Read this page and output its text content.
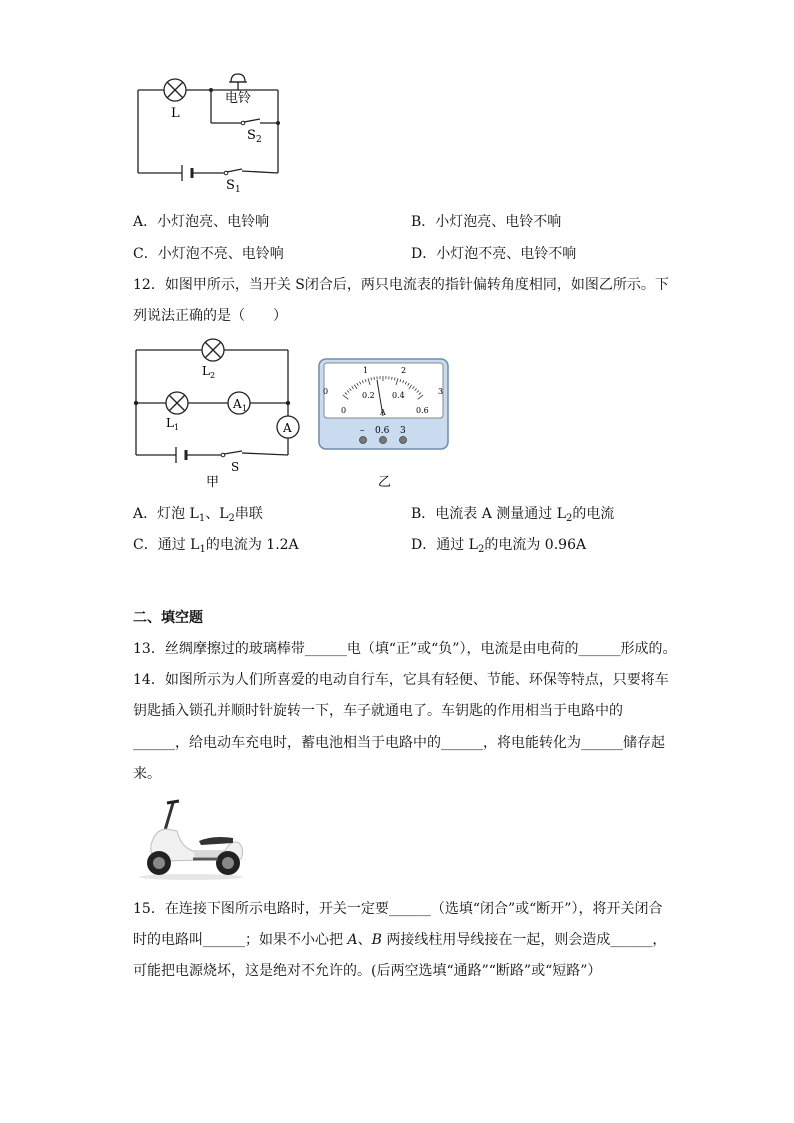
L
电铃
S 2
S 1
A．小灯泡亮、电铃响	B．小灯泡亮、电铃不响
C．小灯泡不亮、电铃响	D．小灯泡不亮、电铃不响
12．如图甲所示，当开关 S闭合后，两只电流表的指针偏转角度相同，如图乙所示。下
列说法正确的是（　　）
A 1
A
L 2
L 1
S
甲
0
1	2
3
0
0.2 0.4
0.6
A
– 0.6 3
乙
A．灯泡 $L_1$、$L_2$串联	B．电流表 A 测量通过 $L_2$的电流
C．通过 $L_1$的电流为 1.2A	D．通过 $L_2$的电流为 0.96A
二、填空题
13．丝绸摩擦过的玻璃棒带______电（填“正”或“负”），电流是由电荷的______形成的。
14．如图所示为人们所喜爱的电动自行车，它具有轻便、节能、环保等特点，只要将车
钥匙插入锁孔并顺时针旋转一下，车子就通电了。车钥匙的作用相当于电路中的
______，给电动车充电时，蓄电池相当于电路中的______，将电能转化为______储存起
来。
15．在连接下图所示电路时，开关一定要______（选填“闭合”或“断开”），将开关闭合
时的电路叫______；如果不小心把 A、B 两接线柱用导线接在一起，则会造成______，
可能把电源烧坏，这是绝对不允许的。(后两空选填“通路”“断路”或“短路”）
